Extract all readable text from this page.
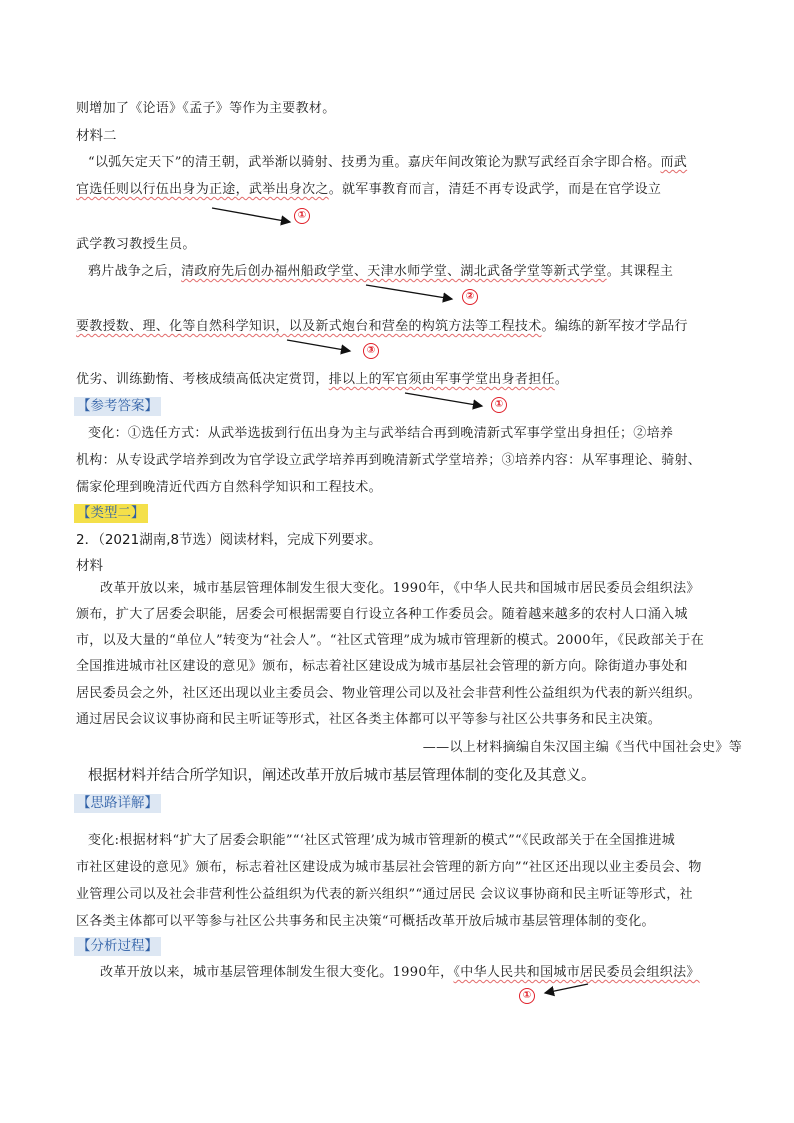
则增加了《论语》《孟子》等作为主要教材。
材料二
“以弧矢定天下”的清王朝，武举渐以骑射、技勇为重。嘉庆年间改策论为默写武经百余字即合格。而武
官选任则以行伍出身为正途，武举出身次之。就军事教育而言，清廷不再专设武学，而是在官学设立
武学教习教授生员。
鸦片战争之后，清政府先后创办福州船政学堂、天津水师学堂、湖北武备学堂等新式学堂。其课程主
要教授数、理、化等自然科学知识，以及新式炮台和营垒的构筑方法等工程技术。编练的新军按才学品行
优劣、训练勤惰、考核成绩高低决定赏罚，排以上的军官须由军事学堂出身者担任。
【参考答案】
变化：①选任方式：从武举选拔到行伍出身为主与武举结合再到晚清新式军事学堂出身担任；②培养
机构：从专设武学培养到改为官学设立武学培养再到晚清新式学堂培养；③培养内容：从军事理论、骑射、
儒家伦理到晚清近代西方自然科学知识和工程技术。
【类型二】
2．（2021湖南,8节选）阅读材料，完成下列要求。
材料
改革开放以来，城市基层管理体制发生很大变化。1990年，《中华人民共和国城市居民委员会组织法》
颁布，扩大了居委会职能，居委会可根据需要自行设立各种工作委员会。随着越来越多的农村人口涌入城
市，以及大量的“单位人”转变为“社会人”。“社区式管理”成为城市管理新的模式。2000年，《民政部关于在
全国推进城市社区建设的意见》颁布，标志着社区建设成为城市基层社会管理的新方向。除街道办事处和
居民委员会之外，社区还出现以业主委员会、物业管理公司以及社会非营利性公益组织为代表的新兴组织。
通过居民会议议事协商和民主听证等形式，社区各类主体都可以平等参与社区公共事务和民主决策。
——以上材料摘编自朱汉国主编《当代中国社会史》等
根据材料并结合所学知识，阐述改革开放后城市基层管理体制的变化及其意义。
【思路详解】
变化:根据材料“扩大了居委会职能”“‘社区式管理’成为城市管理新的模式”“《民政部关于在全国推进城
市社区建设的意见》颁布，标志着社区建设成为城市基层社会管理的新方向”“社区还出现以业主委员会、物
业管理公司以及社会非营利性公益组织为代表的新兴组织”“通过居民 会议议事协商和民主听证等形式，社
区各类主体都可以平等参与社区公共事务和民主决策“可概括改革开放后城市基层管理体制的变化。
【分析过程】
改革开放以来，城市基层管理体制发生很大变化。1990年，《中华人民共和国城市居民委员会组织法》
①
②
③
①
①
